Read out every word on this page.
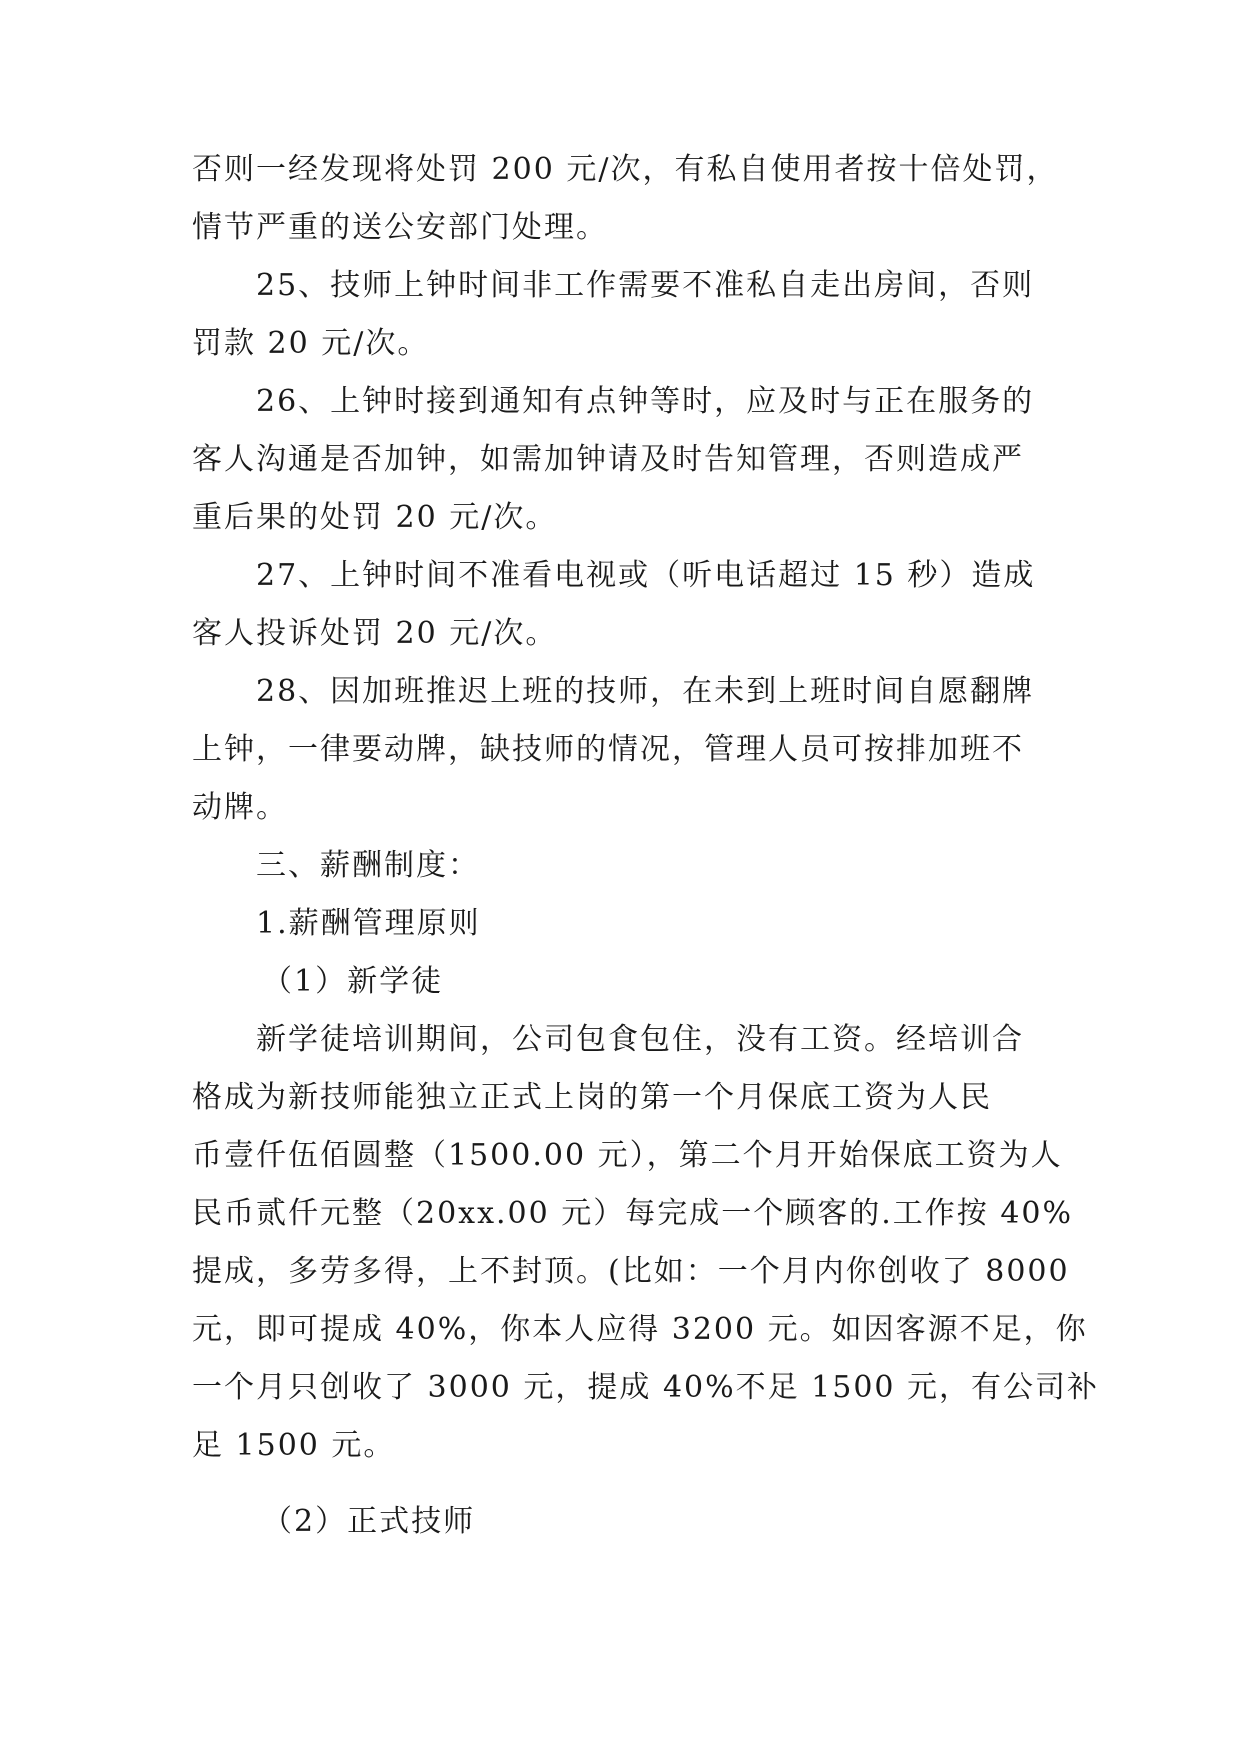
否则一经发现将处罚 200 元/次，有私自使用者按十倍处罚，
情节严重的送公安部门处理。
25、技师上钟时间非工作需要不准私自走出房间，否则
罚款 20 元/次。
26、上钟时接到通知有点钟等时，应及时与正在服务的
客人沟通是否加钟，如需加钟请及时告知管理，否则造成严
重后果的处罚 20 元/次。
27、上钟时间不准看电视或（听电话超过 15 秒）造成
客人投诉处罚 20 元/次。
28、因加班推迟上班的技师，在未到上班时间自愿翻牌
上钟，一律要动牌，缺技师的情况，管理人员可按排加班不
动牌。
三、薪酬制度：
1.薪酬管理原则
（1）新学徒
新学徒培训期间，公司包食包住，没有工资。经培训合
格成为新技师能独立正式上岗的第一个月保底工资为人民
币壹仟伍佰圆整（1500.00 元），第二个月开始保底工资为人
民币贰仟元整（20xx.00 元）每完成一个顾客的.工作按 40%
提成，多劳多得，上不封顶。(比如：一个月内你创收了 8000
元，即可提成 40%，你本人应得 3200 元。如因客源不足，你
一个月只创收了 3000 元，提成 40%不足 1500 元，有公司补
足 1500 元。
（2）正式技师
